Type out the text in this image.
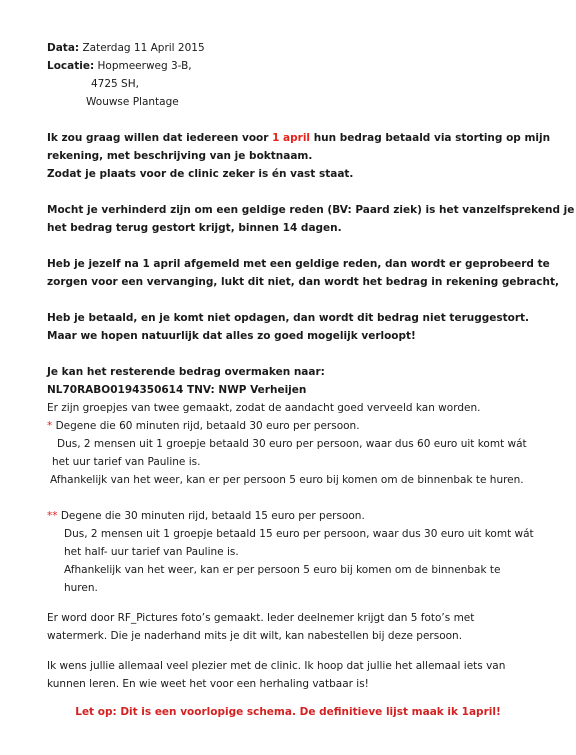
Data: Zaterdag 11 April 2015
Locatie: Hopmeerweg 3-B,
4725 SH,
Wouwse Plantage
Ik zou graag willen dat iedereen voor 1 april hun bedrag betaald via storting op mijn
rekening, met beschrijving van je boktnaam.
Zodat je plaats voor de clinic zeker is én vast staat.
Mocht je verhinderd zijn om een geldige reden (BV: Paard ziek) is het vanzelfsprekend je
het bedrag terug gestort krijgt, binnen 14 dagen.
Heb je jezelf na 1 april afgemeld met een geldige reden, dan wordt er geprobeerd te
zorgen voor een vervanging, lukt dit niet, dan wordt het bedrag in rekening gebracht,
Heb je betaald, en je komt niet opdagen, dan wordt dit bedrag niet teruggestort.
Maar we hopen natuurlijk dat alles zo goed mogelijk verloopt!
Je kan het resterende bedrag overmaken naar:
NL70RABO0194350614 TNV: NWP Verheijen
Er zijn groepjes van twee gemaakt, zodat de aandacht goed verveeld kan worden.
* Degene die 60 minuten rijd, betaald 30 euro per persoon.
Dus, 2 mensen uit 1 groepje betaald 30 euro per persoon, waar dus 60 euro uit komt wát
het uur tarief van Pauline is.
Afhankelijk van het weer, kan er per persoon 5 euro bij komen om de binnenbak te huren.
** Degene die 30 minuten rijd, betaald 15 euro per persoon.
Dus, 2 mensen uit 1 groepje betaald 15 euro per persoon, waar dus 30 euro uit komt wát
het half- uur tarief van Pauline is.
Afhankelijk van het weer, kan er per persoon 5 euro bij komen om de binnenbak te
huren.
Er word door RF_Pictures foto’s gemaakt. Ieder deelnemer krijgt dan 5 foto’s met
watermerk. Die je naderhand mits je dit wilt, kan nabestellen bij deze persoon.
Ik wens jullie allemaal veel plezier met de clinic. Ik hoop dat jullie het allemaal iets van
kunnen leren. En wie weet het voor een herhaling vatbaar is!
Let op: Dit is een voorlopige schema. De definitieve lijst maak ik 1april!
